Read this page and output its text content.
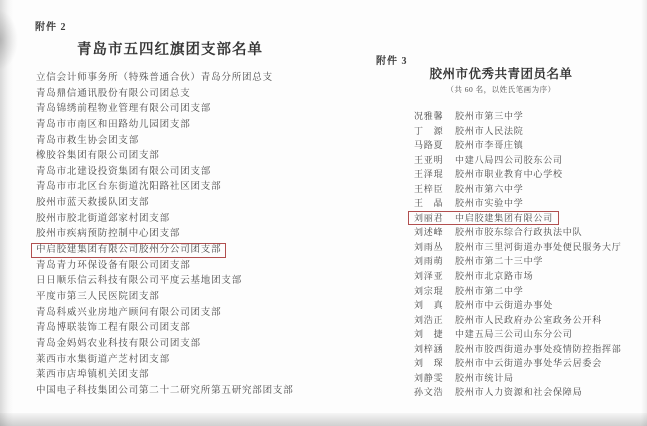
附件 2
青岛市五四红旗团支部名单
立信会计师事务所（特殊普通合伙）青岛分所团总支
青岛鼎信通讯股份有限公司团总支
青岛锦绣前程物业管理有限公司团支部
青岛市市南区和田路幼儿园团支部
青岛市救生协会团支部
橡胶谷集团有限公司团支部
青岛市北建设投资集团有限公司团支部
青岛市市北区台东街道沈阳路社区团支部
胶州市蓝天救援队团支部
胶州市胶北街道郐家村团支部
胶州市疾病预防控制中心团支部
中启胶建集团有限公司胶州分公司团支部
青岛青力环保设备有限公司团支部
日日顺乐信云科技有限公司平度云基地团支部
平度市第三人民医院团支部
青岛科威兴业房地产顾问有限公司团支部
青岛博联装饰工程有限公司团支部
青岛金妈妈农业科技有限公司团支部
莱西市水集街道产芝村团支部
莱西市店埠镇机关团支部
中国电子科技集团公司第二十二研究所第五研究部团支部
附件 3
胶州市优秀共青团员名单
（共 60 名，以姓氏笔画为序）
况雅馨 胶州市第三中学
丁　源 胶州市人民法院
马路夏 胶州市李哥庄镇
王亚明 中建八局四公司胶东公司
王泽琨 胶州市职业教育中心学校
王梓臣 胶州市第六中学
王　晶 胶州市实验中学
刘丽君 中启胶建集团有限公司
刘述峰 胶州市胶东综合行政执法中队
刘雨丛 胶州市三里河街道办事处便民服务大厅
刘雨萌 胶州市第二十三中学
刘泽亚 胶州市北京路市场
刘宗琨 胶州市第二中学
刘　真 胶州市中云街道办事处
刘浩正 胶州市人民政府办公室政务公开科
刘　捷 中建五局三公司山东分公司
刘梓涵 胶州市胶西街道办事处疫情防控指挥部
刘　琛 胶州市中云街道办事处华云居委会
刘静雯 胶州市统计局
孙文浩 胶州市人力资源和社会保障局
